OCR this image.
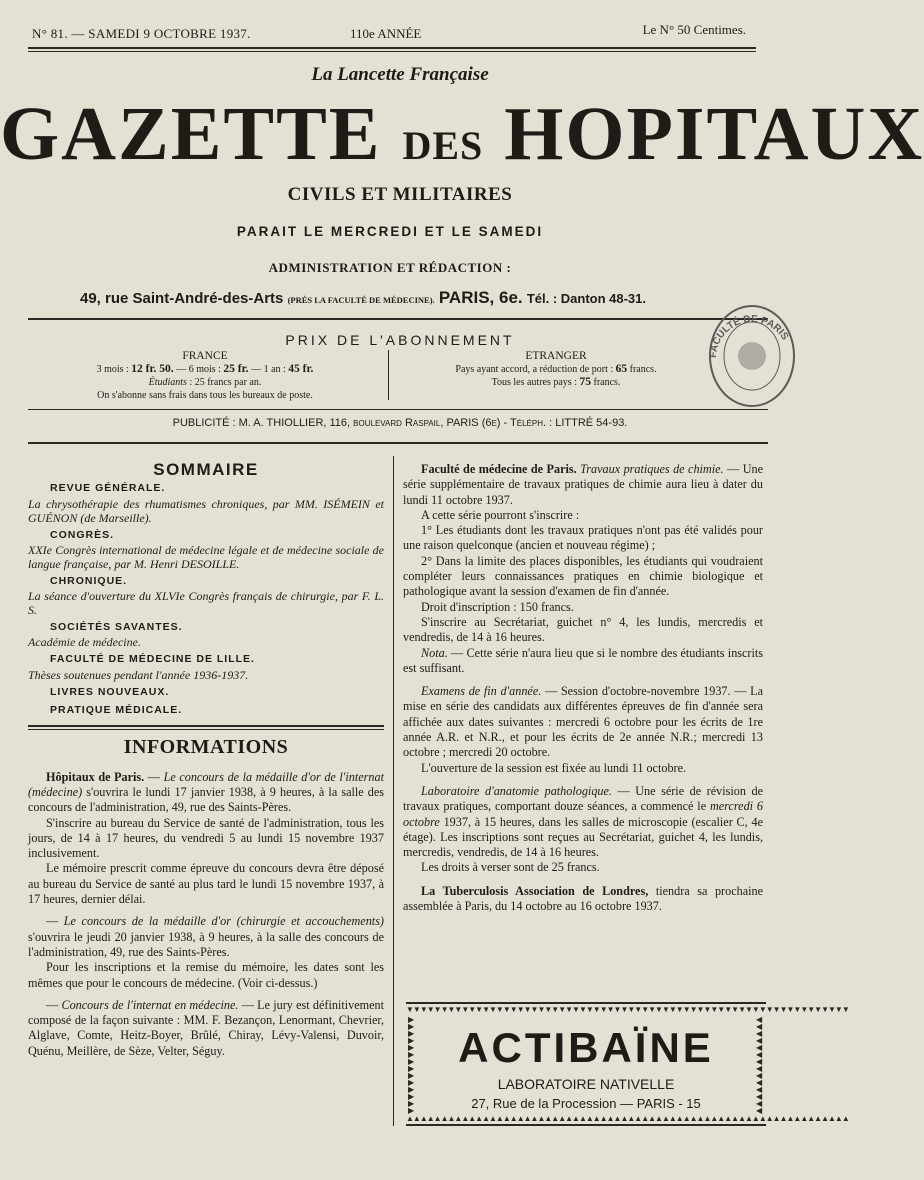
N° 81. — SAMEDI 9 OCTOBRE 1937.	110e ANNÉE	Le N° 50 Centimes.
La Lancette Française
GAZETTE DES HOPITAUX
CIVILS ET MILITAIRES
PARAIT LE MERCREDI ET LE SAMEDI
ADMINISTRATION ET RÉDACTION :
49, rue Saint-André-des-Arts (PRÈS LA FACULTÉ DE MÉDECINE). PARIS, 6e. Tél. : Danton 48-31.
PRIX DE L'ABONNEMENT
FRANCE
3 mois : 12 fr. 50. — 6 mois : 25 fr. — 1 an : 45 fr.
Étudiants : 25 francs par an.
On s'abonne sans frais dans tous les bureaux de poste.
ETRANGER
Pays ayant accord, a réduction de port : 65 francs.
Tous les autres pays : 75 francs.
PUBLICITÉ : M. A. THIOLLIER, 116, boulevard Raspail, PARIS (6e) - Téléph. : LITTRÉ 54-93.
FACULTÉ DE PARIS
SOMMAIRE
REVUE GÉNÉRALE.
La chrysothérapie des rhumatismes chroniques, par MM. ISÉMEIN et GUÉNON (de Marseille).
CONGRÈS.
XXIe Congrès international de médecine légale et de médecine sociale de langue française, par M. Henri DESOILLE.
CHRONIQUE.
La séance d'ouverture du XLVIe Congrès français de chirurgie, par F. L. S.
SOCIÉTÉS SAVANTES.
Académie de médecine.
FACULTÉ DE MÉDECINE DE LILLE.
Thèses soutenues pendant l'année 1936-1937.
LIVRES NOUVEAUX.
PRATIQUE MÉDICALE.
INFORMATIONS

Hôpitaux de Paris. — Le concours de la médaille d'or de l'internat (médecine) s'ouvrira le lundi 17 janvier 1938, à 9 heures, à la salle des concours de l'administration, 49, rue des Saints-Pères.

S'inscrire au bureau du Service de santé de l'administration, tous les jours, de 14 à 17 heures, du vendredi 5 au lundi 15 novembre 1937 inclusivement.

Le mémoire prescrit comme épreuve du concours devra être déposé au bureau du Service de santé au plus tard le lundi 15 novembre 1937, à 17 heures, dernier délai.

— Le concours de la médaille d'or (chirurgie et accouchements) s'ouvrira le jeudi 20 janvier 1938, à 9 heures, à la salle des concours de l'administration, 49, rue des Saints-Pères.

Pour les inscriptions et la remise du mémoire, les dates sont les mêmes que pour le concours de médecine. (Voir ci-dessus.)

— Concours de l'internat en médecine. — Le jury est définitivement composé de la façon suivante : MM. F. Bezançon, Lenormant, Chevrier, Alglave, Comte, Heitz-Boyer, Brûlé, Chiray, Lévy-Valensi, Duvoir, Quénu, Meillère, de Sèze, Velter, Séguy.

Faculté de médecine de Paris. Travaux pratiques de chimie. — Une série supplémentaire de travaux pratiques de chimie aura lieu à dater du lundi 11 octobre 1937.

A cette série pourront s'inscrire :

1° Les étudiants dont les travaux pratiques n'ont pas été validés pour une raison quelconque (ancien et nouveau régime) ;

2° Dans la limite des places disponibles, les étudiants qui voudraient compléter leurs connaissances pratiques en chimie biologique et pathologique avant la session d'examen de fin d'année.

Droit d'inscription : 150 francs.

S'inscrire au Secrétariat, guichet n° 4, les lundis, mercredis et vendredis, de 14 à 16 heures.

Nota. — Cette série n'aura lieu que si le nombre des étudiants inscrits est suffisant.

Examens de fin d'année. — Session d'octobre-novembre 1937. — La mise en série des candidats aux différentes épreuves de fin d'année sera affichée aux dates suivantes : mercredi 6 octobre pour les écrits de 1re année A.R. et N.R., et pour les écrits de 2e année N.R.; mercredi 13 octobre ; mercredi 20 octobre.

L'ouverture de la session est fixée au lundi 11 octobre.

Laboratoire d'anatomie pathologique. — Une série de révision de travaux pratiques, comportant douze séances, a commencé le mercredi 6 octobre 1937, à 15 heures, dans les salles de microscopie (escalier C, 4e étage). Les inscriptions sont reçues au Secrétariat, guichet 4, les lundis, mercredis, vendredis, de 14 à 16 heures.

Les droits à verser sont de 25 francs.

La Tuberculosis Association de Londres, tiendra sa prochaine assemblée à Paris, du 14 octobre au 16 octobre 1937.

▼▼▼▼▼▼▼▼▼▼▼▼▼▼▼▼▼▼▼▼▼▼▼▼▼▼▼▼▼▼▼▼▼▼▼▼▼▼▼▼▼▼▼▼▼▼▼▼▼▼▼▼▼▼▼▼▼▼▼▼▼▼▼▼
▲▲▲▲▲▲▲▲▲▲▲▲▲▲▲▲▲▲▲▲▲▲▲▲▲▲▲▲▲▲▲▲▲▲▲▲▲▲▲▲▲▲▲▲▲▲▲▲▲▲▲▲▲▲▲▲▲▲▲▲▲▲▲▲
▶ ▶ ▶ ▶ ▶ ▶ ▶ ▶ ▶ ▶ ▶ ▶ ▶ ▶
◀ ◀ ◀ ◀ ◀ ◀ ◀ ◀ ◀ ◀ ◀ ◀ ◀ ◀
ACTIBAÏNE
LABORATOIRE NATIVELLE
27, Rue de la Procession — PARIS - 15
